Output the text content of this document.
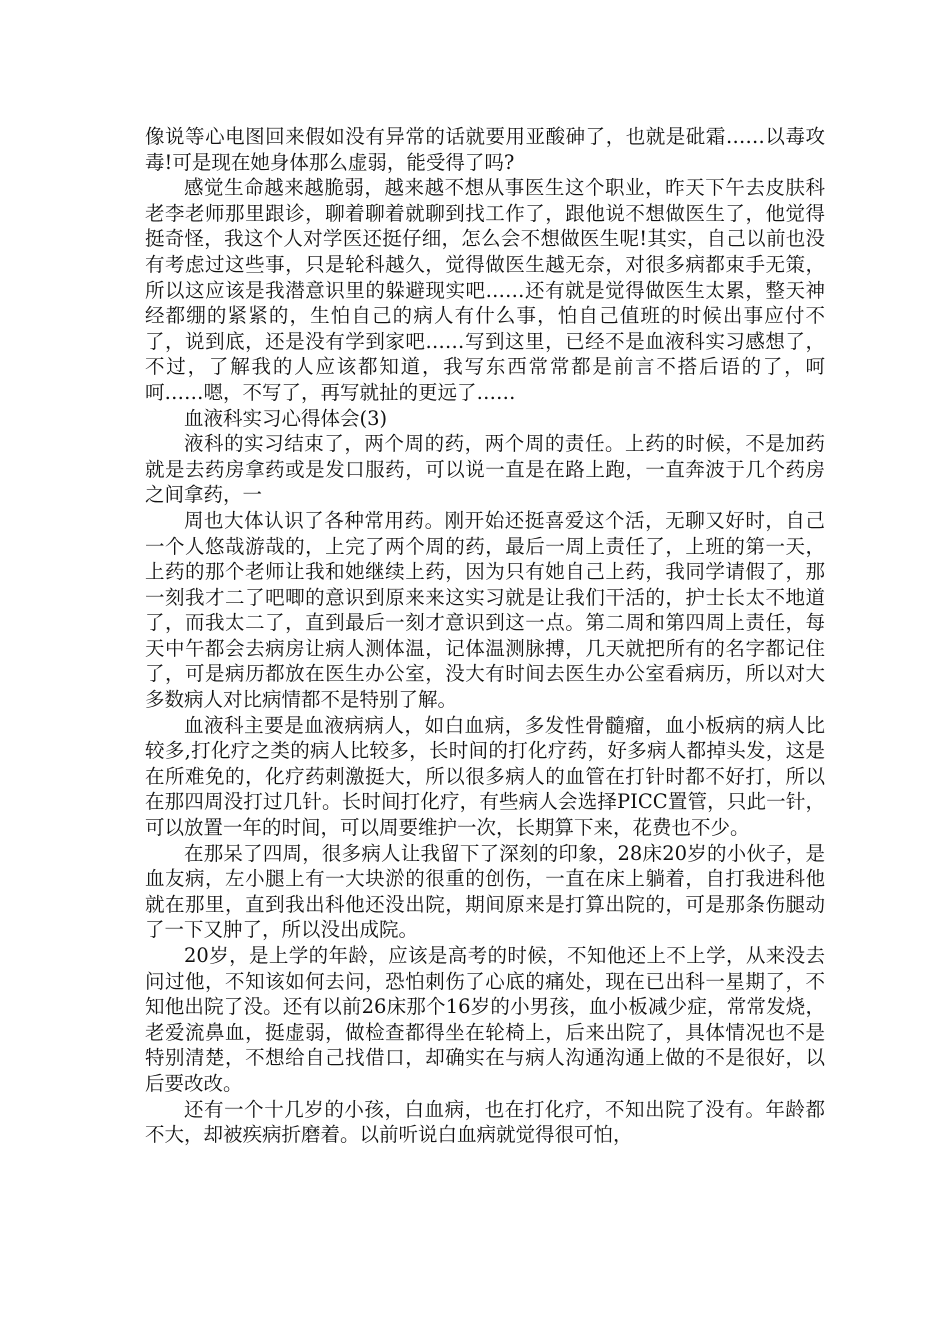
像说等心电图回来假如没有异常的话就要用亚酸砷了，也就是砒霜……以毒攻毒!可是现在她身体那么虚弱，能受得了吗?

感觉生命越来越脆弱，越来越不想从事医生这个职业，昨天下午去皮肤科老李老师那里跟诊，聊着聊着就聊到找工作了，跟他说不想做医生了，他觉得挺奇怪，我这个人对学医还挺仔细，怎么会不想做医生呢!其实，自己以前也没有考虑过这些事，只是轮科越久，觉得做医生越无奈，对很多病都束手无策，所以这应该是我潜意识里的躲避现实吧……还有就是觉得做医生太累，整天神经都绷的紧紧的，生怕自己的病人有什么事，怕自己值班的时候出事应付不了，说到底，还是没有学到家吧……写到这里，已经不是血液科实习感想了，不过，了解我的人应该都知道，我写东西常常都是前言不搭后语的了，呵呵……嗯，不写了，再写就扯的更远了……

血液科实习心得体会(3)

液科的实习结束了，两个周的药，两个周的责任。上药的时候，不是加药就是去药房拿药或是发口服药，可以说一直是在路上跑，一直奔波于几个药房之间拿药，一

周也大体认识了各种常用药。刚开始还挺喜爱这个活，无聊又好时，自己一个人悠哉游哉的，上完了两个周的药，最后一周上责任了，上班的第一天，上药的那个老师让我和她继续上药，因为只有她自己上药，我同学请假了，那一刻我才二了吧唧的意识到原来来这实习就是让我们干活的，护士长太不地道了，而我太二了，直到最后一刻才意识到这一点。第二周和第四周上责任，每天中午都会去病房让病人测体温，记体温测脉搏，几天就把所有的名字都记住了，可是病历都放在医生办公室，没大有时间去医生办公室看病历，所以对大多数病人对比病情都不是特别了解。

血液科主要是血液病病人，如白血病，多发性骨髓瘤，血小板病的病人比较多,打化疗之类的病人比较多，长时间的打化疗药，好多病人都掉头发，这是在所难免的，化疗药刺激挺大，所以很多病人的血管在打针时都不好打，所以在那四周没打过几针。长时间打化疗，有些病人会选择PICC置管，只此一针，可以放置一年的时间，可以周要维护一次，长期算下来，花费也不少。

在那呆了四周，很多病人让我留下了深刻的印象，28床20岁的小伙子，是血友病，左小腿上有一大块淤的很重的创伤，一直在床上躺着，自打我进科他就在那里，直到我出科他还没出院，期间原来是打算出院的，可是那条伤腿动了一下又肿了，所以没出成院。

20岁，是上学的年龄，应该是高考的时候，不知他还上不上学，从来没去问过他，不知该如何去问，恐怕刺伤了心底的痛处，现在已出科一星期了，不知他出院了没。还有以前26床那个16岁的小男孩，血小板减少症，常常发烧，老爱流鼻血，挺虚弱，做检查都得坐在轮椅上，后来出院了，具体情况也不是特别清楚，不想给自己找借口，却确实在与病人沟通沟通上做的不是很好，以后要改改。

还有一个十几岁的小孩，白血病，也在打化疗，不知出院了没有。年龄都不大，却被疾病折磨着。以前听说白血病就觉得很可怕，
